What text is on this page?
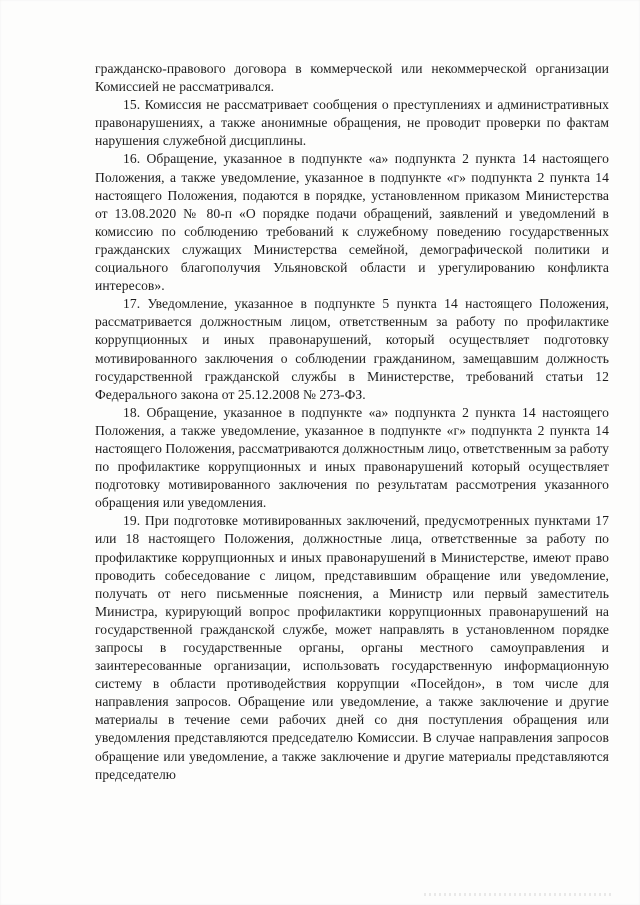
гражданско-правового договора в коммерческой или некоммерческой организации Комиссией не рассматривался.

15. Комиссия не рассматривает сообщения о преступлениях и административных правонарушениях, а также анонимные обращения, не проводит проверки по фактам нарушения служебной дисциплины.

16. Обращение, указанное в подпункте «а» подпункта 2 пункта 14 настоящего Положения, а также уведомление, указанное в подпункте «г» подпункта 2 пункта 14 настоящего Положения, подаются в порядке, установленном приказом Министерства от 13.08.2020 № 80-п «О порядке подачи обращений, заявлений и уведомлений в комиссию по соблюдению требований к служебному поведению государственных гражданских служащих Министерства семейной, демографической политики и социального благополучия Ульяновской области и урегулированию конфликта интересов».

17. Уведомление, указанное в подпункте 5 пункта 14 настоящего Положения, рассматривается должностным лицом, ответственным за работу по профилактике коррупционных и иных правонарушений, который осуществляет подготовку мотивированного заключения о соблюдении гражданином, замещавшим должность государственной гражданской службы в Министерстве, требований статьи 12 Федерального закона от 25.12.2008 № 273-ФЗ.

18. Обращение, указанное в подпункте «а» подпункта 2 пункта 14 настоящего Положения, а также уведомление, указанное в подпункте «г» подпункта 2 пункта 14 настоящего Положения, рассматриваются должностным лицо, ответственным за работу по профилактике коррупционных и иных правонарушений который осуществляет подготовку мотивированного заключения по результатам рассмотрения указанного обращения или уведомления.

19. При подготовке мотивированных заключений, предусмотренных пунктами 17 или 18 настоящего Положения, должностные лица, ответственные за работу по профилактике коррупционных и иных правонарушений в Министерстве, имеют право проводить собеседование с лицом, представившим обращение или уведомление, получать от него письменные пояснения, а Министр или первый заместитель Министра, курирующий вопрос профилактики коррупционных правонарушений на государственной гражданской службе, может направлять в установленном порядке запросы в государственные органы, органы местного самоуправления и заинтересованные организации, использовать государственную информационную систему в области противодействия коррупции «Посейдон», в том числе для направления запросов. Обращение или уведомление, а также заключение и другие материалы в течение семи рабочих дней со дня поступления обращения или уведомления представляются председателю Комиссии. В случае направления запросов обращение или уведомление, а также заключение и другие материалы представляются председателю
